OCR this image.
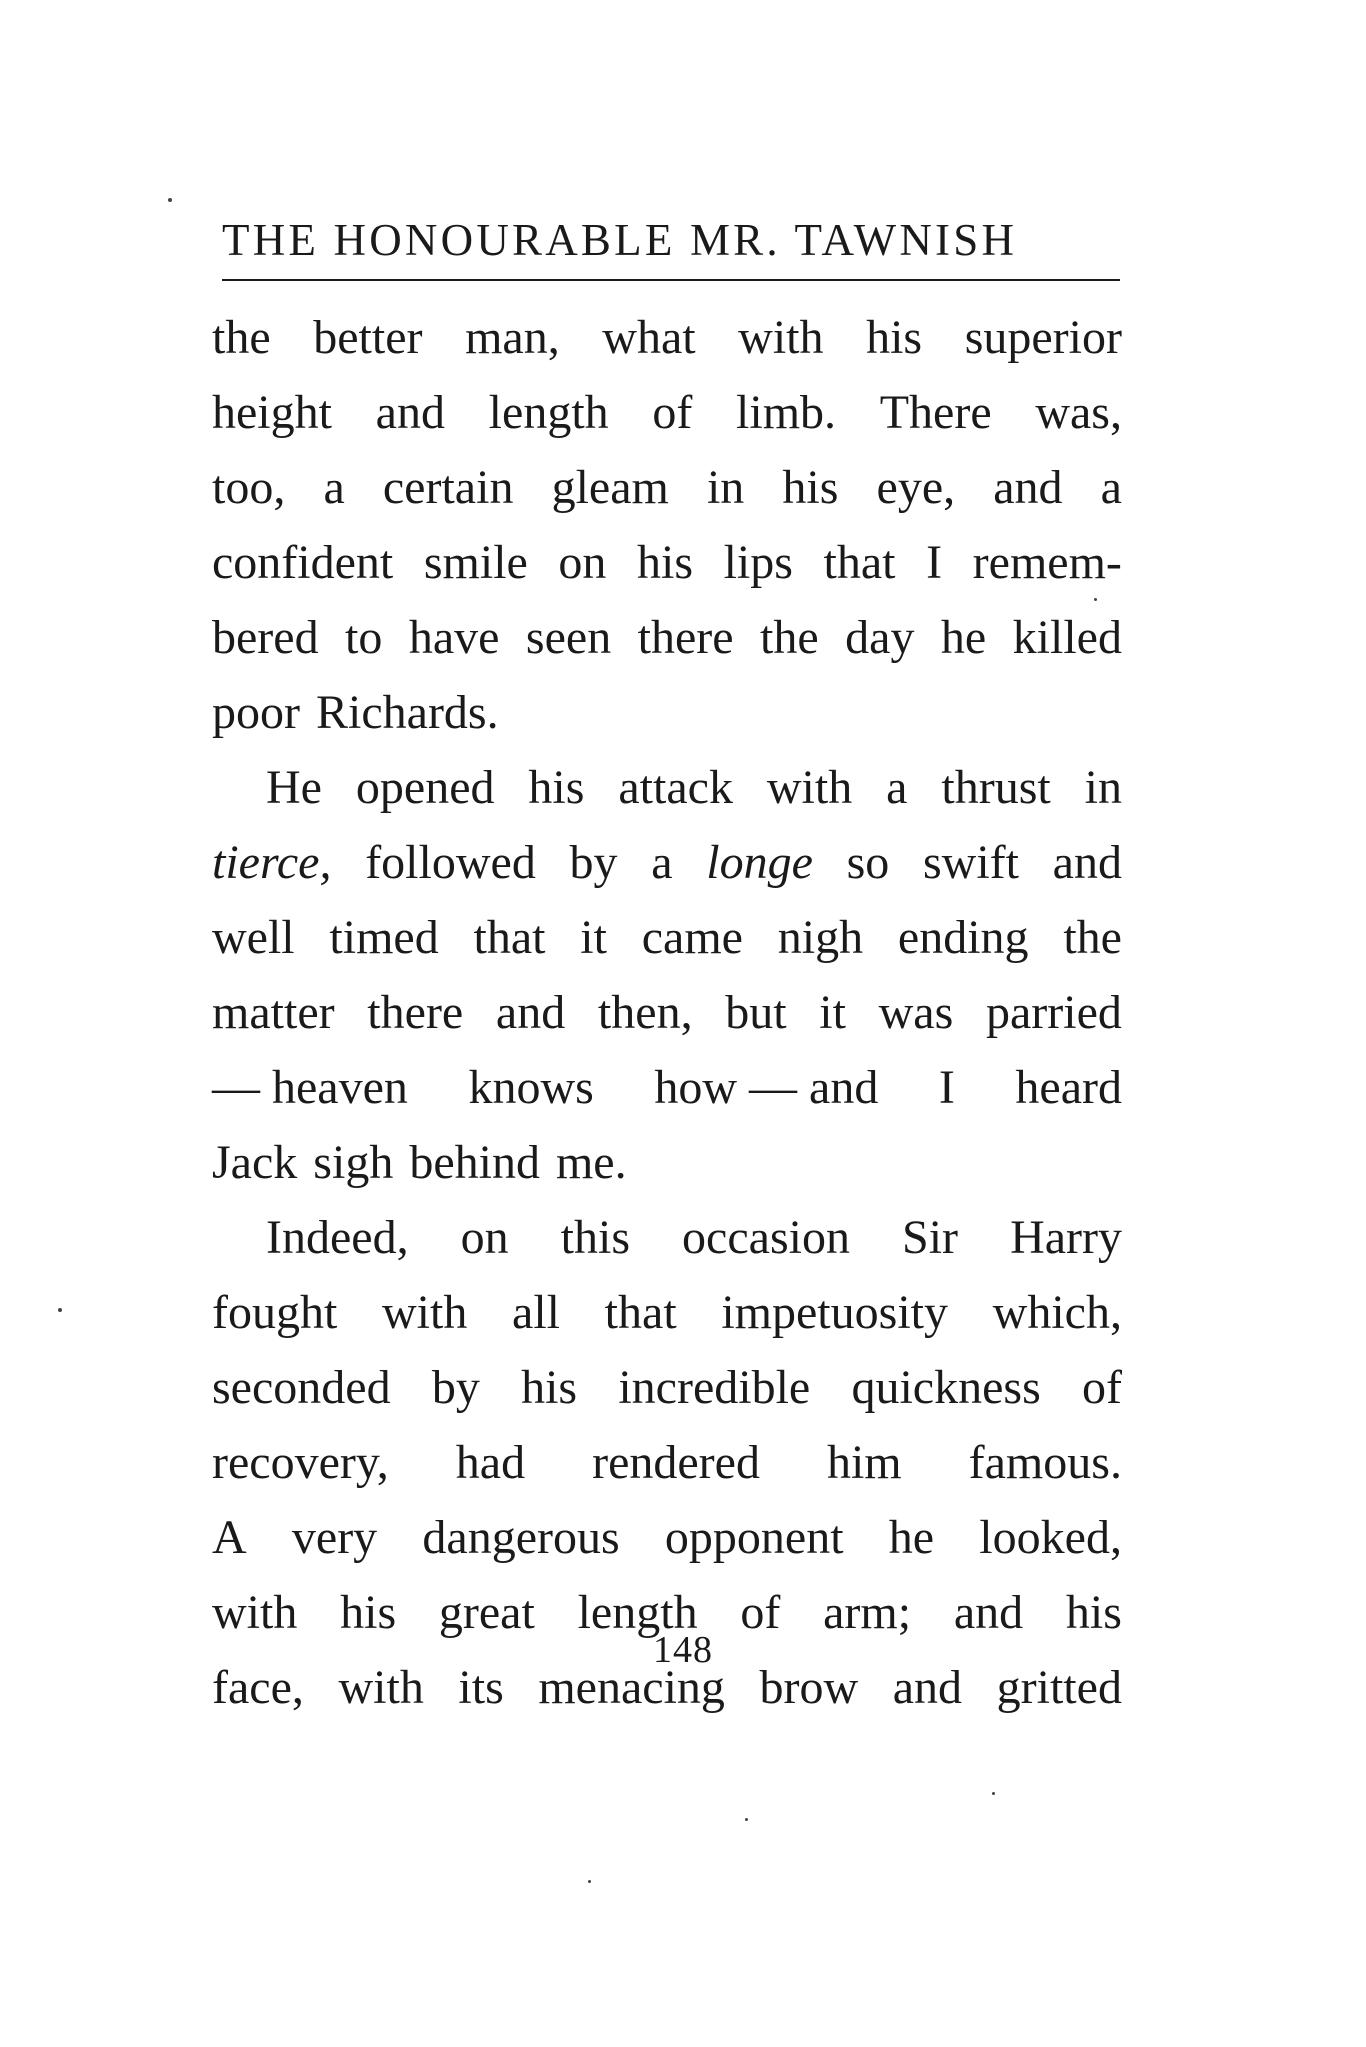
THE HONOURABLE MR. TAWNISH
the better man, what with his superior
height and length of limb. There was,
too, a certain gleam in his eye, and a
confident smile on his lips that I remem-
bered to have seen there the day he killed
poor Richards.
He opened his attack with a thrust in
tierce, followed by a longe so swift and
well timed that it came nigh ending the
matter there and then, but it was parried
— heaven knows how — and I heard
Jack sigh behind me.
Indeed, on this occasion Sir Harry
fought with all that impetuosity which,
seconded by his incredible quickness of
recovery, had rendered him famous.
A very dangerous opponent he looked,
with his great length of arm; and his
face, with its menacing brow and gritted
148
